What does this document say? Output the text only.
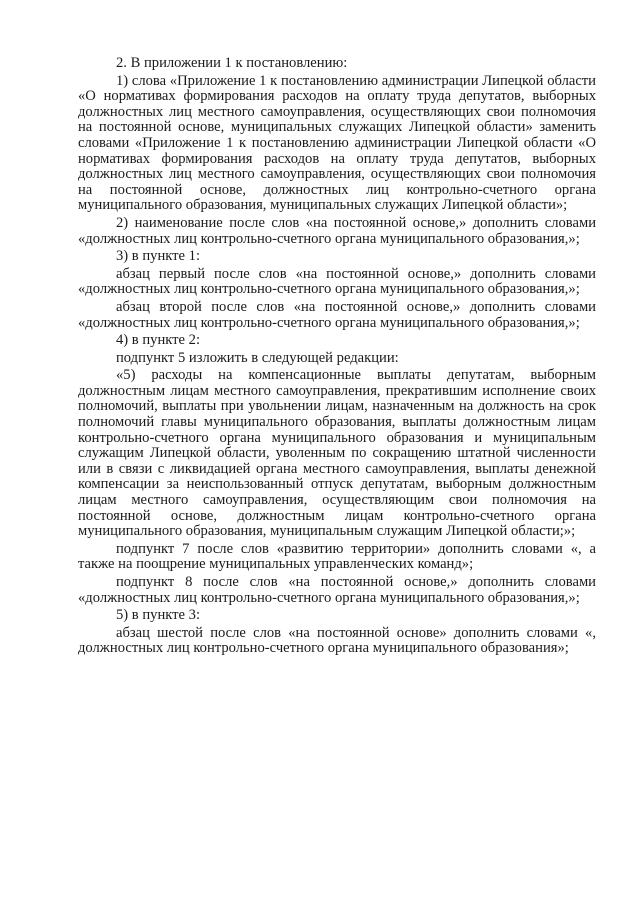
2. В приложении 1 к постановлению:

1) слова «Приложение 1 к постановлению администрации Липецкой области «О нормативах формирования расходов на оплату труда депутатов, выборных должностных лиц местного самоуправления, осуществляющих свои полномочия на постоянной основе, муниципальных служащих Липецкой области» заменить словами «Приложение 1 к постановлению администрации Липецкой области «О нормативах формирования расходов на оплату труда депутатов, выборных должностных лиц местного самоуправления, осуществляющих свои полномочия на постоянной основе, должностных лиц контрольно-счетного органа муниципального образования, муниципальных служащих Липецкой области»;

2) наименование после слов «на постоянной основе,» дополнить словами «должностных лиц контрольно-счетного органа муниципального образования,»;

3) в пункте 1:

абзац первый после слов «на постоянной основе,» дополнить словами «должностных лиц контрольно-счетного органа муниципального образования,»;

абзац второй после слов «на постоянной основе,» дополнить словами «должностных лиц контрольно-счетного органа муниципального образования,»;

4) в пункте 2:

подпункт 5 изложить в следующей редакции:

«5) расходы на компенсационные выплаты депутатам, выборным должностным лицам местного самоуправления, прекратившим исполнение своих полномочий, выплаты при увольнении лицам, назначенным на должность на срок полномочий главы муниципального образования, выплаты должностным лицам контрольно-счетного органа муниципального образования и муниципальным служащим Липецкой области, уволенным по сокращению штатной численности или в связи с ликвидацией органа местного самоуправления, выплаты денежной компенсации за неиспользованный отпуск депутатам, выборным должностным лицам местного самоуправления, осуществляющим свои полномочия на постоянной основе, должностным лицам контрольно-счетного органа муниципального образования, муниципальным служащим Липецкой области;»;

подпункт 7 после слов «развитию территории» дополнить словами «, а также на поощрение муниципальных управленческих команд»;

подпункт 8 после слов «на постоянной основе,» дополнить словами «должностных лиц контрольно-счетного органа муниципального образования,»;

5) в пункте 3:

абзац шестой после слов «на постоянной основе» дополнить словами «, должностных лиц контрольно-счетного органа муниципального образования»;
